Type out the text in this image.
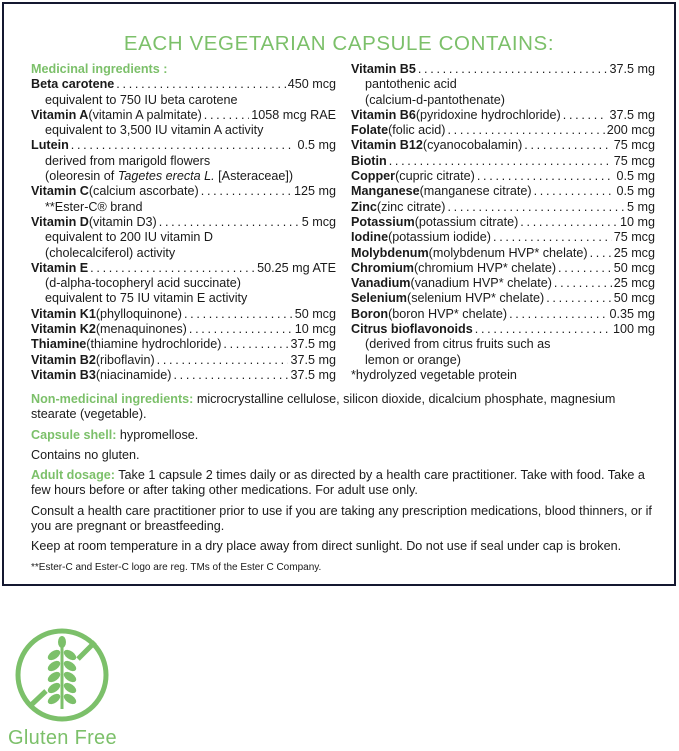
EACH VEGETARIAN CAPSULE CONTAINS:
Medicinal ingredients :
Beta carotene . . .	450 mcg
equivalent to 750 IU beta carotene
Vitamin A (vitamin A palmitate) . . .	1058 mcg RAE
equivalent to 3,500 IU vitamin A activity
Lutein . . .	0.5 mg
derived from marigold flowers
(oleoresin of Tagetes erecta L. [Asteraceae])
Vitamin C (calcium ascorbate) . . .	125 mg
**Ester-C® brand
Vitamin D (vitamin D3) . . .	5 mcg
equivalent to 200 IU vitamin D
(cholecalciferol) activity
Vitamin E . . .	50.25 mg ATE
(d-alpha-tocopheryl acid succinate)
equivalent to 75 IU vitamin E activity
Vitamin K1 (phylloquinone) . . .	50 mcg
Vitamin K2 (menaquinones) . . .	10 mcg
Thiamine (thiamine hydrochloride) . . .	37.5 mg
Vitamin B2 (riboflavin) . . .	37.5 mg
Vitamin B3 (niacinamide) . . .	37.5 mg
Vitamin B5 . . .	37.5 mg
pantothenic acid
(calcium-d-pantothenate)
Vitamin B6 (pyridoxine hydrochloride) . . .	37.5 mg
Folate (folic acid) . . .	200 mcg
Vitamin B12 (cyanocobalamin) . . .	75 mcg
Biotin . . .	75 mcg
Copper (cupric citrate) . . .	0.5 mg
Manganese (manganese citrate) . . .	0.5 mg
Zinc (zinc citrate) . . .	5 mg
Potassium (potassium citrate) . . .	10 mg
Iodine (potassium iodide) . . .	75 mcg
Molybdenum (molybdenum HVP* chelate) . . . 25 mcg
Chromium (chromium HVP* chelate) . . .	50 mcg
Vanadium (vanadium HVP* chelate) . . .	25 mcg
Selenium (selenium HVP* chelate) . . .	50 mcg
Boron (boron HVP* chelate) . . .	0.35 mg
Citrus bioflavonoids . . .	100 mg
(derived from citrus fruits such as
lemon or orange)
*hydrolyzed vegetable protein

Non-medicinal ingredients: microcrystalline cellulose, silicon dioxide, dicalcium phosphate, magnesium stearate (vegetable).

Capsule shell: hypromellose.

Contains no gluten.

Adult dosage: Take 1 capsule 2 times daily or as directed by a health care practitioner. Take with food. Take a few hours before or after taking other medications. For adult use only.

Consult a health care practitioner prior to use if you are taking any prescription medications, blood thinners, or if you are pregnant or breastfeeding.

Keep at room temperature in a dry place away from direct sunlight. Do not use if seal under cap is broken.

**Ester-C and Ester-C logo are reg. TMs of the Ester C Company.

Gluten Free
